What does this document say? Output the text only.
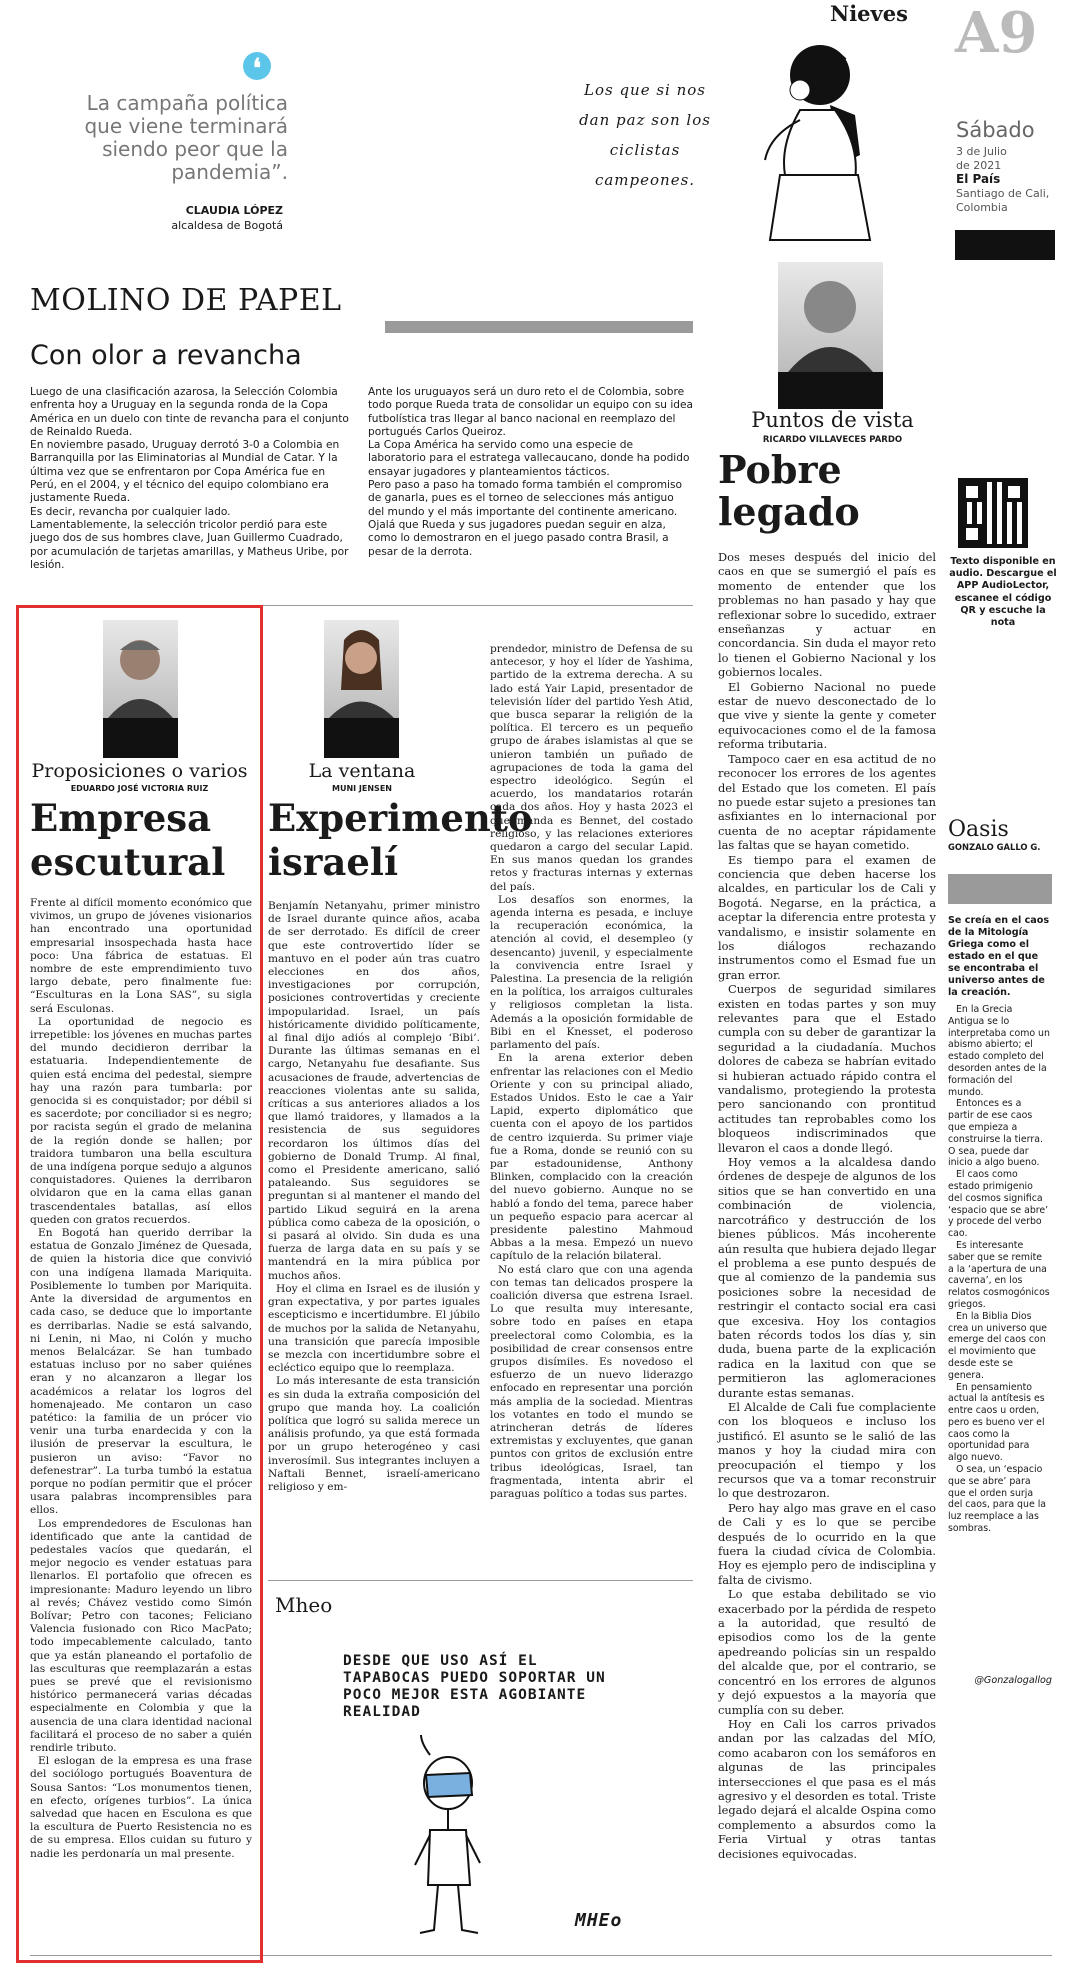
❛
La campaña política que viene terminará siendo peor que la pandemia”.
CLAUDIA LÓPEZ
alcaldesa de Bogotá
Nieves
Los que si nos dan paz son los ciclistas campeones.
A9
Sábado
3 de Julio
de 2021
El País
Santiago de Cali,
Colombia
MOLINO DE PAPEL
Con olor a revancha

Luego de una clasificación azarosa, la Selección Colombia enfrenta hoy a Uruguay en la segunda ronda de la Copa América en un duelo con tinte de revancha para el conjunto de Reinaldo Rueda.

En noviembre pasado, Uruguay derrotó 3-0 a Colombia en Barranquilla por las Eliminatorias al Mundial de Catar. Y la última vez que se enfrentaron por Copa América fue en Perú, en el 2004, y el técnico del equipo colombiano era justamente Rueda.

Es decir, revancha por cualquier lado.

Lamentablemente, la selección tricolor perdió para este juego dos de sus hombres clave, Juan Guillermo Cuadrado, por acumulación de tarjetas amarillas, y Matheus Uribe, por lesión.

Ante los uruguayos será un duro reto el de Colombia, sobre todo porque Rueda trata de consolidar un equipo con su idea futbolística tras llegar al banco nacional en reemplazo del portugués Carlos Queiroz.

La Copa América ha servido como una especie de laboratorio para el estratega vallecaucano, donde ha podido ensayar jugadores y planteamientos tácticos.

Pero paso a paso ha tomado forma también el compromiso de ganarla, pues es el torneo de selecciones más antiguo del mundo y el más importante del continente americano.

Ojalá que Rueda y sus jugadores puedan seguir en alza, como lo demostraron en el juego pasado contra Brasil, a pesar de la derrota.

Puntos de vista
RICARDO VILLAVECES PARDO
Pobre
legado

Dos meses después del inicio del caos en que se sumergió el país es momento de entender que los problemas no han pasado y hay que reflexionar sobre lo sucedido, extraer enseñanzas y actuar en concordancia. Sin duda el mayor reto lo tienen el Gobierno Nacional y los gobiernos locales.

El Gobierno Nacional no puede estar de nuevo desconectado de lo que vive y siente la gente y cometer equivocaciones como el de la famosa reforma tributaria.

Tampoco caer en esa actitud de no reconocer los errores de los agentes del Estado que los cometen. El país no puede estar sujeto a presiones tan asfixiantes en lo internacional por cuenta de no aceptar rápidamente las faltas que se hayan cometido.

Es tiempo para el examen de conciencia que deben hacerse los alcaldes, en particular los de Cali y Bogotá. Negarse, en la práctica, a aceptar la diferencia entre protesta y vandalismo, e insistir solamente en los diálogos rechazando instrumentos como el Esmad fue un gran error.

Cuerpos de seguridad similares existen en todas partes y son muy relevantes para que el Estado cumpla con su deber de garantizar la seguridad a la ciudadanía. Muchos dolores de cabeza se habrían evitado si hubieran actuado rápido contra el vandalismo, protegiendo la protesta pero sancionando con prontitud actitudes tan reprobables como los bloqueos indiscriminados que llevaron el caos a donde llegó.

Hoy vemos a la alcaldesa dando órdenes de despeje de algunos de los sitios que se han convertido en una combinación de violencia, narcotráfico y destrucción de los bienes públicos. Más incoherente aún resulta que hubiera dejado llegar el problema a ese punto después de que al comienzo de la pandemia sus posiciones sobre la necesidad de restringir el contacto social era casi que excesiva. Hoy los contagios baten récords todos los días y, sin duda, buena parte de la explicación radica en la laxitud con que se permitieron las aglomeraciones durante estas semanas.

El Alcalde de Cali fue complaciente con los bloqueos e incluso los justificó. El asunto se le salió de las manos y hoy la ciudad mira con preocupación el tiempo y los recursos que va a tomar reconstruir lo que destrozaron.

Pero hay algo mas grave en el caso de Cali y es lo que se percibe después de lo ocurrido en la que fuera la ciudad cívica de Colombia. Hoy es ejemplo pero de indisciplina y falta de civismo.

Lo que estaba debilitado se vio exacerbado por la pérdida de respeto a la autoridad, que resultó de episodios como los de la gente apedreando policías sin un respaldo del alcalde que, por el contrario, se concentró en los errores de algunos y dejó expuestos a la mayoría que cumplía con su deber.

Hoy en Cali los carros privados andan por las calzadas del MÍO, como acabaron con los semáforos en algunas de las principales intersecciones el que pasa es el más agresivo y el desorden es total. Triste legado dejará el alcalde Ospina como complemento a absurdos como la Feria Virtual y otras tantas decisiones equivocadas.

Texto disponible en audio. Descargue el APP AudioLector, escanee el código QR y escuche la nota
Oasis
GONZALO GALLO G.
Se creía en el caos de la Mitología Griega como el estado en el que se encontraba el universo antes de la creación.

En la Grecia Antigua se lo interpretaba como un abismo abierto; el estado completo del desorden antes de la formación del mundo.

Entonces es a partir de ese caos que empieza a construirse la tierra. O sea, puede dar inicio a algo bueno.

El caos como estado primigenio del cosmos significa ‘espacio que se abre’ y procede del verbo cao.

Es interesante saber que se remite a la ‘apertura de una caverna’, en los relatos cosmogónicos griegos.

En la Biblia Dios crea un universo que emerge del caos con el movimiento que desde este se genera.

En pensamiento actual la antítesis es entre caos u orden, pero es bueno ver el caos como la oportunidad para algo nuevo.

O sea, un ‘espacio que se abre’ para que el orden surja del caos, para que la luz reemplace a las sombras.

@Gonzalogallog
Proposiciones o varios
EDUARDO JOSÉ VICTORIA RUIZ
Empresa
escutural

Frente al difícil momento económico que vivimos, un grupo de jóvenes visionarios han encontrado una oportunidad empresarial insospechada hasta hace poco: Una fábrica de estatuas. El nombre de este emprendimiento tuvo largo debate, pero finalmente fue: “Esculturas en la Lona SAS”, su sigla será Esculonas.

La oportunidad de negocio es irrepetible: los jóvenes en muchas partes del mundo decidieron derribar la estatuaria. Independientemente de quien está encima del pedestal, siempre hay una razón para tumbarla: por genocida si es conquistador; por débil si es sacerdote; por conciliador si es negro; por racista según el grado de melanina de la región donde se hallen; por traidora tumbaron una bella escultura de una indígena porque sedujo a algunos conquistadores. Quienes la derribaron olvidaron que en la cama ellas ganan trascendentales batallas, así ellos queden con gratos recuerdos.

En Bogotá han querido derribar la estatua de Gonzalo Jiménez de Quesada, de quien la historia dice que convivió con una indígena llamada Mariquita. Posiblemente lo tumben por Mariquita. Ante la diversidad de argumentos en cada caso, se deduce que lo importante es derribarlas. Nadie se está salvando, ni Lenin, ni Mao, ni Colón y mucho menos Belalcázar. Se han tumbado estatuas incluso por no saber quiénes eran y no alcanzaron a llegar los académicos a relatar los logros del homenajeado. Me contaron un caso patético: la familia de un prócer vio venir una turba enardecida y con la ilusión de preservar la escultura, le pusieron un aviso: “Favor no defenestrar”. La turba tumbó la estatua porque no podían permitir que el prócer usara palabras incomprensibles para ellos.

Los emprendedores de Esculonas han identificado que ante la cantidad de pedestales vacíos que quedarán, el mejor negocio es vender estatuas para llenarlos. El portafolio que ofrecen es impresionante: Maduro leyendo un libro al revés; Chávez vestido como Simón Bolívar; Petro con tacones; Feliciano Valencia fusionado con Rico MacPato; todo impecablemente calculado, tanto que ya están planeando el portafolio de las esculturas que reemplazarán a estas pues se prevé que el revisionismo histórico permanecerá varias décadas especialmente en Colombia y que la ausencia de una clara identidad nacional facilitará el proceso de no saber a quién rendirle tributo.

El eslogan de la empresa es una frase del sociólogo portugués Boaventura de Sousa Santos: “Los monumentos tienen, en efecto, orígenes turbios”. La única salvedad que hacen en Esculona es que la escultura de Puerto Resistencia no es de su empresa. Ellos cuidan su futuro y nadie les perdonaría un mal presente.

La ventana
MUNI JENSEN
Experimento
israelí

Benjamín Netanyahu, primer ministro de Israel durante quince años, acaba de ser derrotado. Es difícil de creer que este controvertido líder se mantuvo en el poder aún tras cuatro elecciones en dos años, investigaciones por corrupción, posiciones controvertidas y creciente impopularidad. Israel, un país históricamente dividido políticamente, al final dijo adiós al complejo ‘Bibi’. Durante las últimas semanas en el cargo, Netanyahu fue desafiante. Sus acusaciones de fraude, advertencias de reacciones violentas ante su salida, críticas a sus anteriores aliados a los que llamó traidores, y llamados a la resistencia de sus seguidores recordaron los últimos días del gobierno de Donald Trump. Al final, como el Presidente americano, salió pataleando. Sus seguidores se preguntan si al mantener el mando del partido Likud seguirá en la arena pública como cabeza de la oposición, o si pasará al olvido. Sin duda es una fuerza de larga data en su país y se mantendrá en la mira pública por muchos años.

Hoy el clima en Israel es de ilusión y gran expectativa, y por partes iguales escepticismo e incertidumbre. El júbilo de muchos por la salida de Netanyahu, una transición que parecía imposible se mezcla con incertidumbre sobre el ecléctico equipo que lo reemplaza.

Lo más interesante de esta transición es sin duda la extraña composición del grupo que manda hoy. La coalición política que logró su salida merece un análisis profundo, ya que está formada por un grupo heterogéneo y casi inverosímil. Sus integrantes incluyen a Naftali Bennet, israelí-americano religioso y em-

prendedor, ministro de Defensa de su antecesor, y hoy el líder de Yashima, partido de la extrema derecha. A su lado está Yair Lapid, presentador de televisión líder del partido Yesh Atid, que busca separar la religión de la política. El tercero es un pequeño grupo de árabes islamistas al que se unieron también un puñado de agrupaciones de toda la gama del espectro ideológico. Según el acuerdo, los mandatarios rotarán cada dos años. Hoy y hasta 2023 el que manda es Bennet, del costado religioso, y las relaciones exteriores quedaron a cargo del secular Lapid. En sus manos quedan los grandes retos y fracturas internas y externas del país.

Los desafíos son enormes, la agenda interna es pesada, e incluye la recuperación económica, la atención al covid, el desempleo (y desencanto) juvenil, y especialmente la convivencia entre Israel y Palestina. La presencia de la religión en la política, los arraigos culturales y religiosos completan la lista. Además a la oposición formidable de Bibi en el Knesset, el poderoso parlamento del país.

En la arena exterior deben enfrentar las relaciones con el Medio Oriente y con su principal aliado, Estados Unidos. Esto le cae a Yair Lapid, experto diplomático que cuenta con el apoyo de los partidos de centro izquierda. Su primer viaje fue a Roma, donde se reunió con su par estadounidense, Anthony Blinken, complacido con la creación del nuevo gobierno. Aunque no se habló a fondo del tema, parece haber un pequeño espacio para acercar al presidente palestino Mahmoud Abbas a la mesa. Empezó un nuevo capítulo de la relación bilateral.

No está claro que con una agenda con temas tan delicados prospere la coalición diversa que estrena Israel. Lo que resulta muy interesante, sobre todo en países en etapa preelectoral como Colombia, es la posibilidad de crear consensos entre grupos disímiles. Es novedoso el esfuerzo de un nuevo liderazgo enfocado en representar una porción más amplia de la sociedad. Mientras los votantes en todo el mundo se atrincheran detrás de líderes extremistas y excluyentes, que ganan puntos con gritos de exclusión entre tribus ideológicas, Israel, tan fragmentada, intenta abrir el paraguas político a todas sus partes.

Mheo
DESDE QUE USO ASÍ EL TAPABOCAS PUEDO SOPORTAR UN POCO MEJOR ESTA AGOBIANTE REALIDAD
MHEo
